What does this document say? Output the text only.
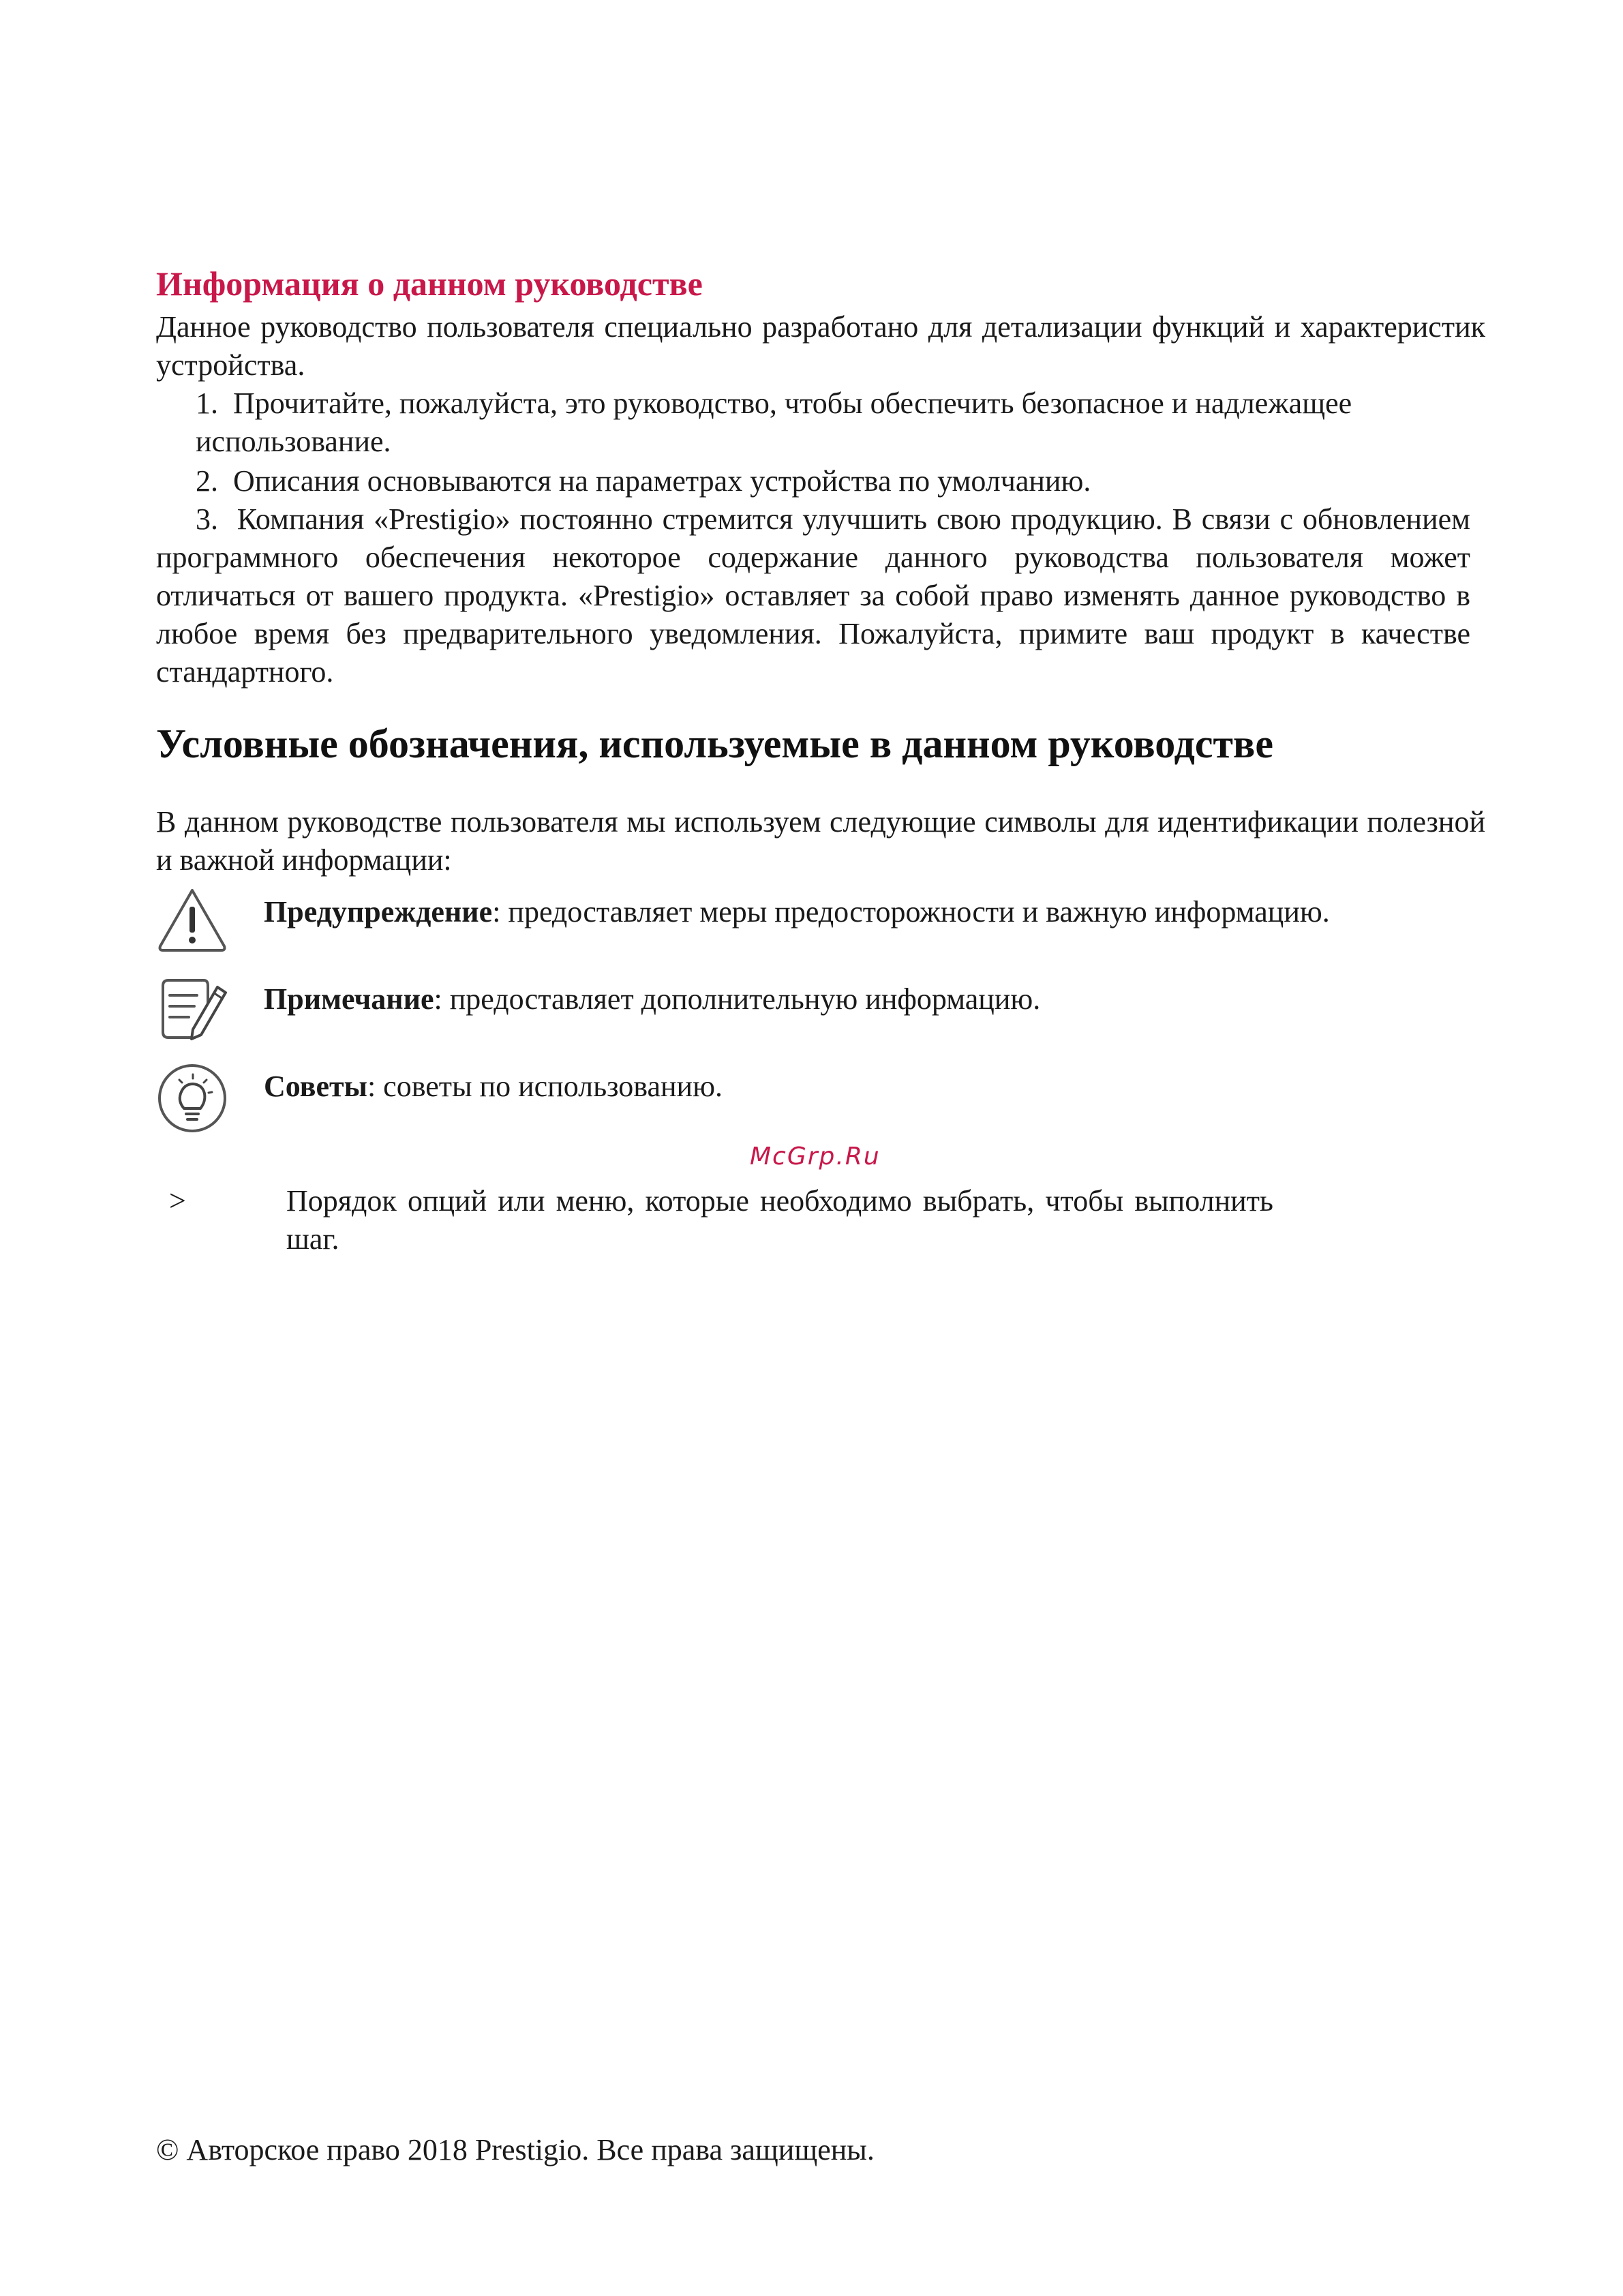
Информация о данном руководстве

Данное руководство пользователя специально разработано для детализации функций и характеристик устройства.

1. Прочитайте, пожалуйста, это руководство, чтобы обеспечить безопасное и надлежащее использование.
2. Описания основываются на параметрах устройства по умолчанию.
3. Компания «Prestigio» постоянно стремится улучшить свою продукцию. В связи с обновлением программного обеспечения некоторое содержание данного руководства пользователя может отличаться от вашего продукта. «Prestigio» оставляет за собой право изменять данное руководство в любое время без предварительного уведомления. Пожалуйста, примите ваш продукт в качестве стандартного.
Условные обозначения, используемые в данном руководстве

В данном руководстве пользователя мы используем следующие символы для идентификации полезной и важной информации:

Предупреждение: предоставляет меры предосторожности и важную информацию.
Примечание: предоставляет дополнительную информацию.
Советы: советы по использованию.
McGrp.Ru
>	Порядок опций или меню, которые необходимо выбрать, чтобы выполнить шаг.
© Авторское право 2018 Prestigio. Все права защищены.
